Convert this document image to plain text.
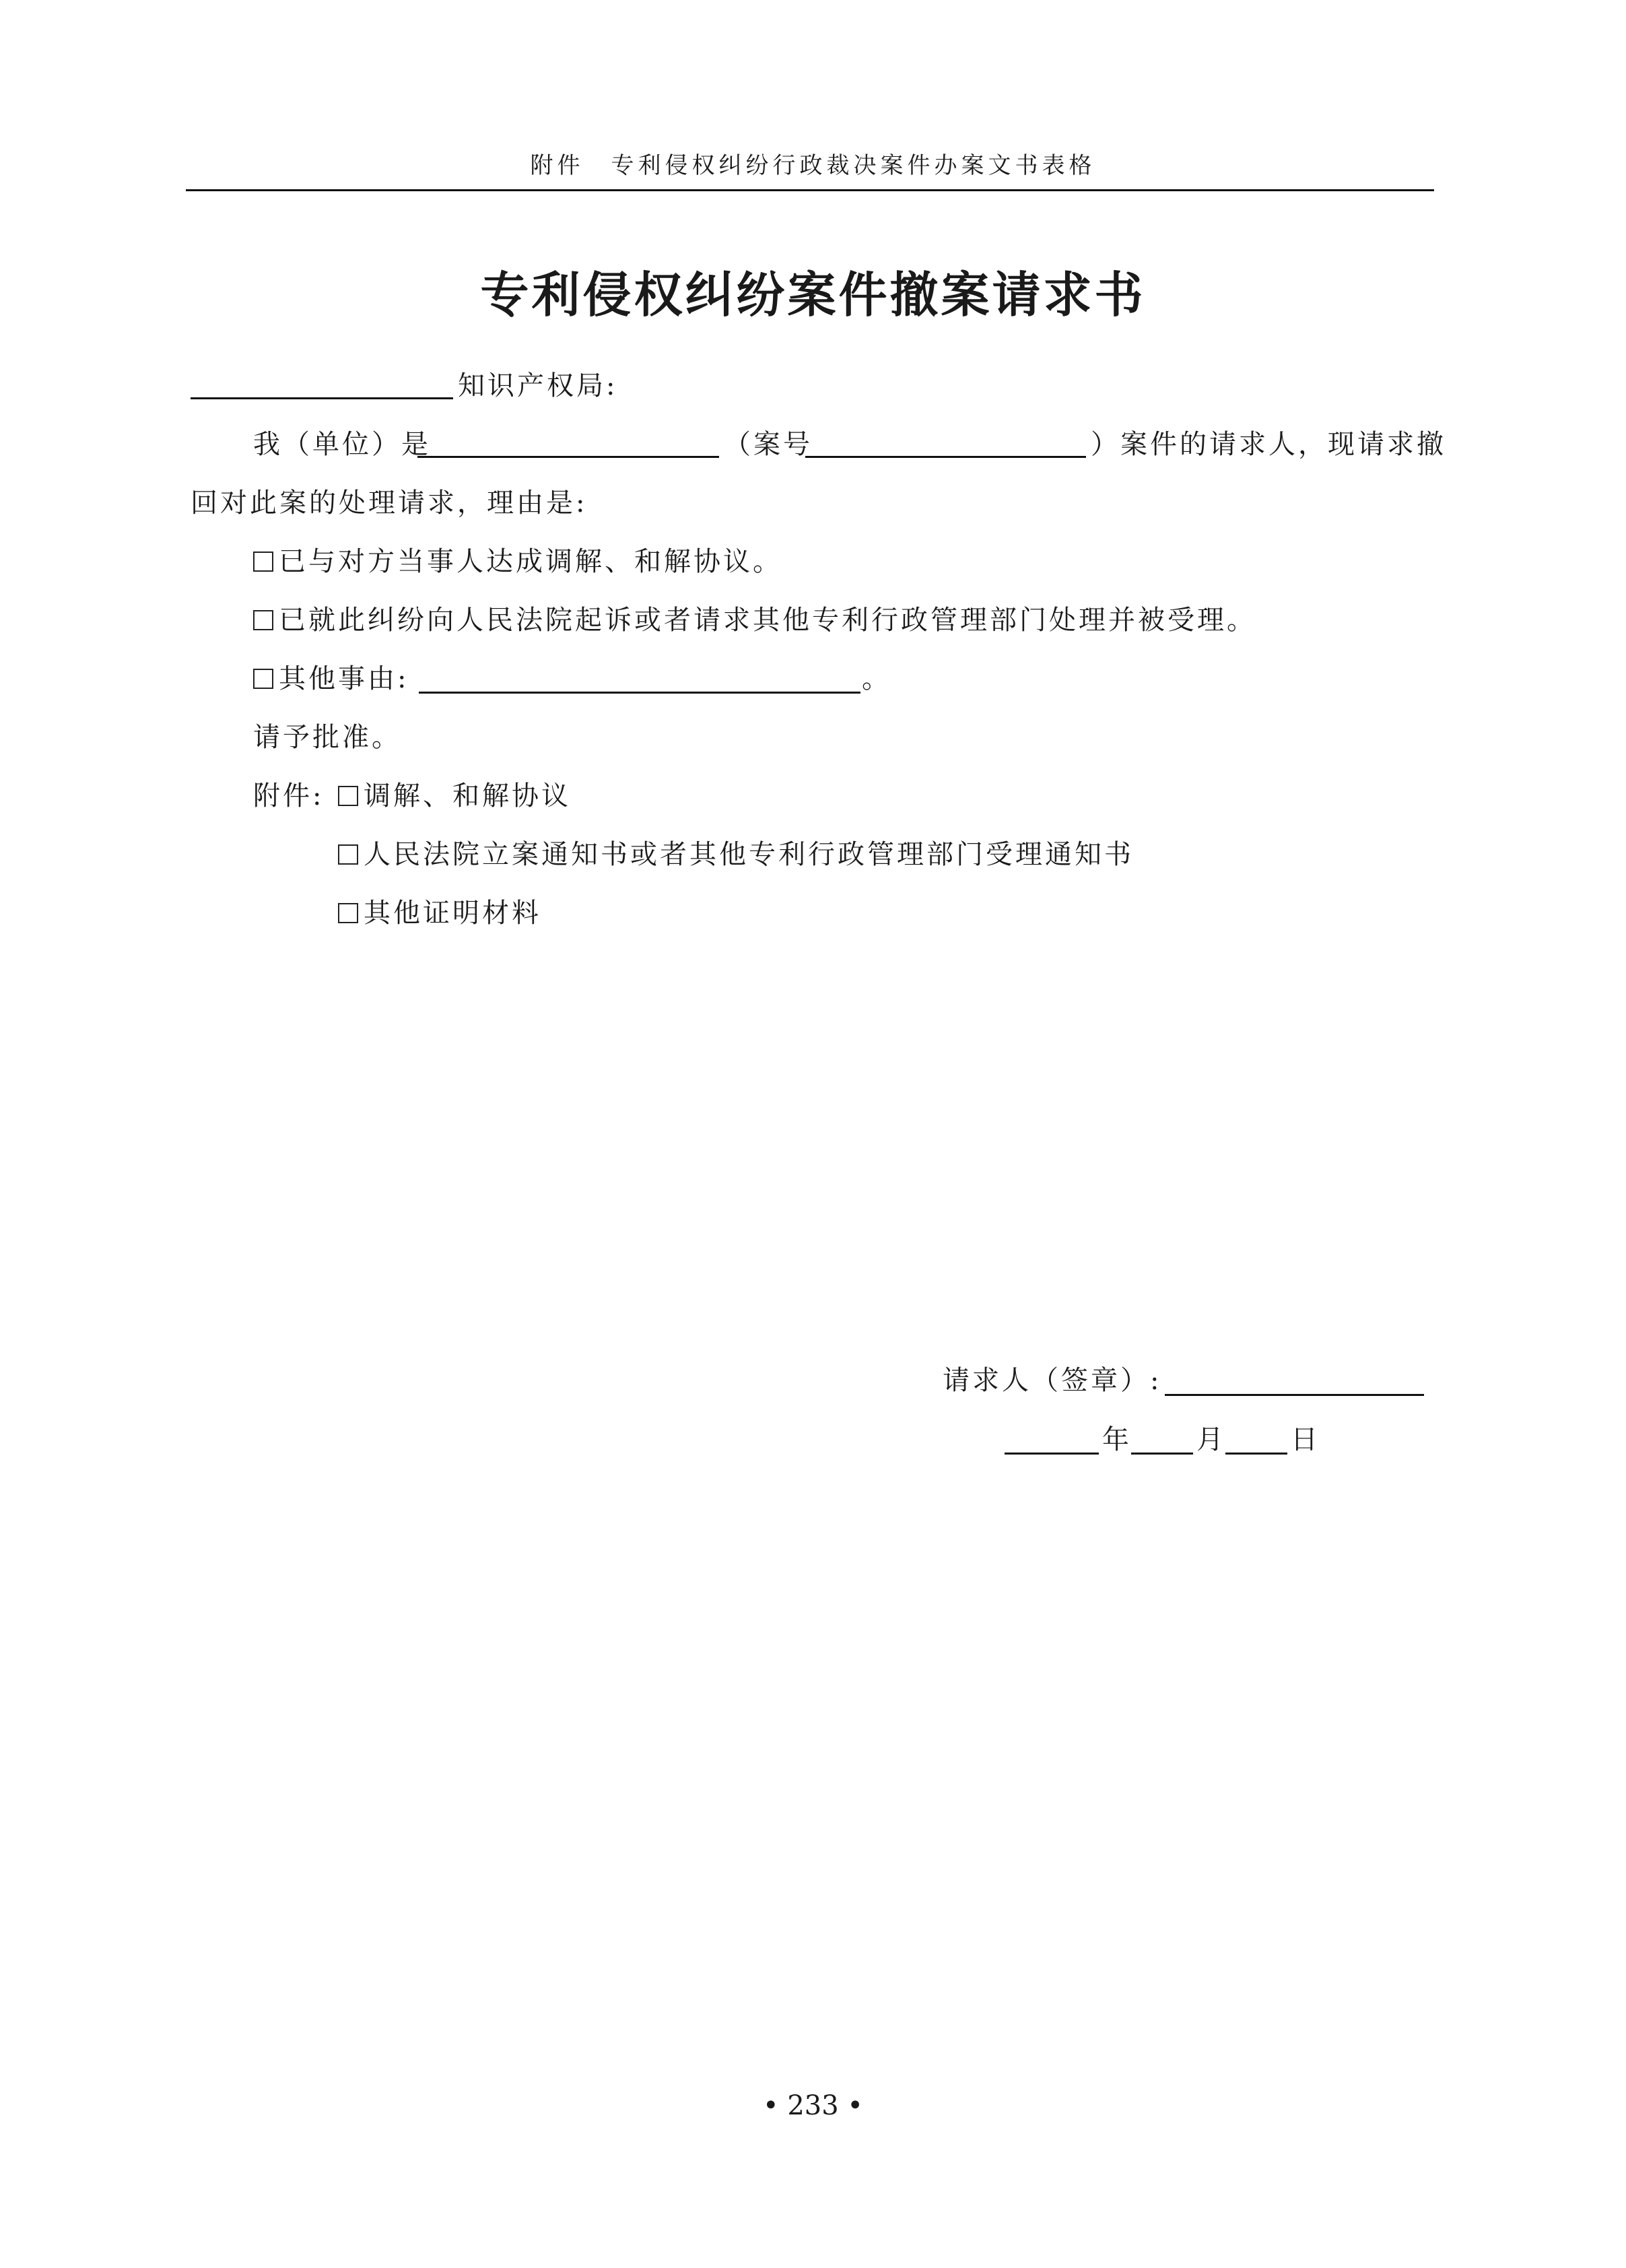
附件　专利侵权纠纷行政裁决案件办案文书表格
专利侵权纠纷案件撤案请求书
知识产权局:
我（单位）是	（案号	）案件的请求人，现请求撤
回对此案的处理请求，理由是:
已与对方当事人达成调解、和解协议。
已就此纠纷向人民法院起诉或者请求其他专利行政管理部门处理并被受理。
其他事由:	。
请予批准。
附件:	调解、和解协议
人民法院立案通知书或者其他专利行政管理部门受理通知书
其他证明材料
请求人（签章）:
年 月 日
• 233 •
